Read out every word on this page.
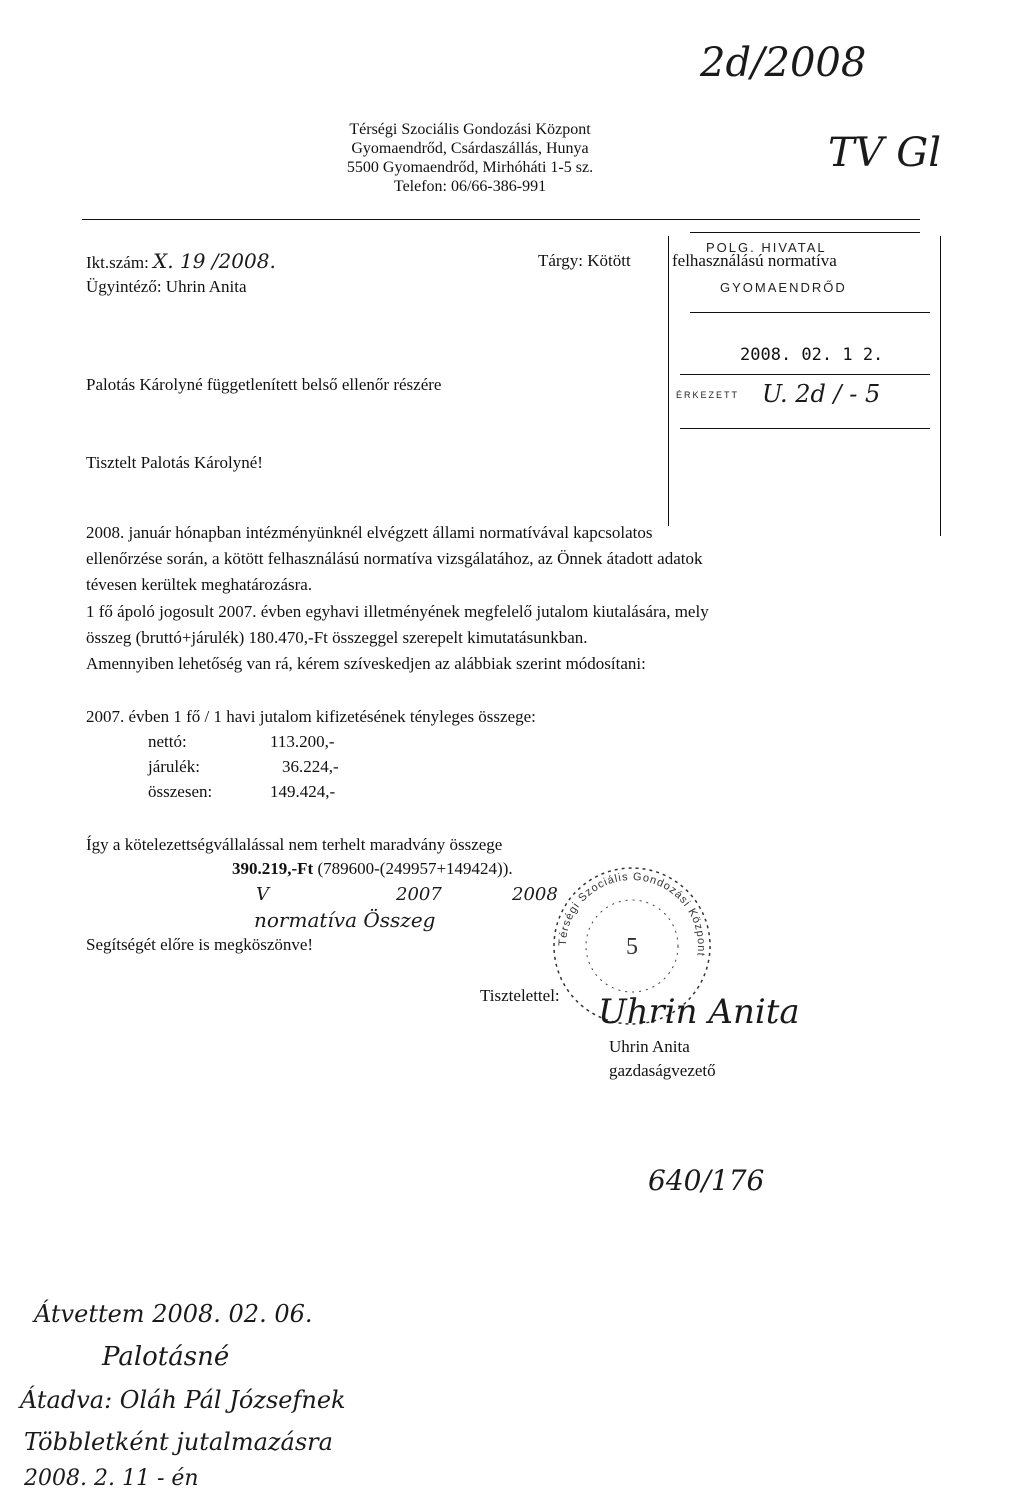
2d/2008
TV Gl
Térségi Szociális Gondozási Központ
Gyomaendrőd, Csárdaszállás, Hunya
5500 Gyomaendrőd, Mirhóháti 1-5 sz.
Telefon: 06/66-386-991
Ikt.szám: X. 19 /2008.
Ügyintéző: Uhrin Anita
Tárgy: Kötött felhasználású normatíva
POLG. HIVATAL
GYOMAENDRŐD
2008. 02. 1 2.
ÉRKEZETT U. 2d / - 5
Palotás Károlyné függetlenített belső ellenőr részére
Tisztelt Palotás Károlyné!
2008. január hónapban intézményünknél elvégzett állami normatívával kapcsolatos
ellenőrzése során, a kötött felhasználású normatíva vizsgálatához, az Önnek átadott adatok
tévesen kerültek meghatározásra.
1 fő ápoló jogosult 2007. évben egyhavi illetményének megfelelő jutalom kiutalására, mely
összeg (bruttó+járulék) 180.470,-Ft összeggel szerepelt kimutatásunkban.
Amennyiben lehetőség van rá, kérem szíveskedjen az alábbiak szerint módosítani:
2007. évben 1 fő / 1 havi jutalom kifizetésének tényleges összege:
nettó:	113.200,-
járulék:	36.224,-
összesen:	149.424,-
Így a kötelezettségvállalással nem terhelt maradvány összege
390.219,-Ft (789600-(249957+149424)).
V	2007	2008
normatíva Összeg
Segítségét előre is megköszönve!	Térségi Szociális Gondozási Központ
5
Tisztelettel: Uhrin Anita
Uhrin Anita
gazdaságvezető
640/176
Átvettem 2008. 02. 06.
Palotásné
Átadva: Oláh Pál Józsefnek
Többletként jutalmazásra
2008. 2. 11 - én
